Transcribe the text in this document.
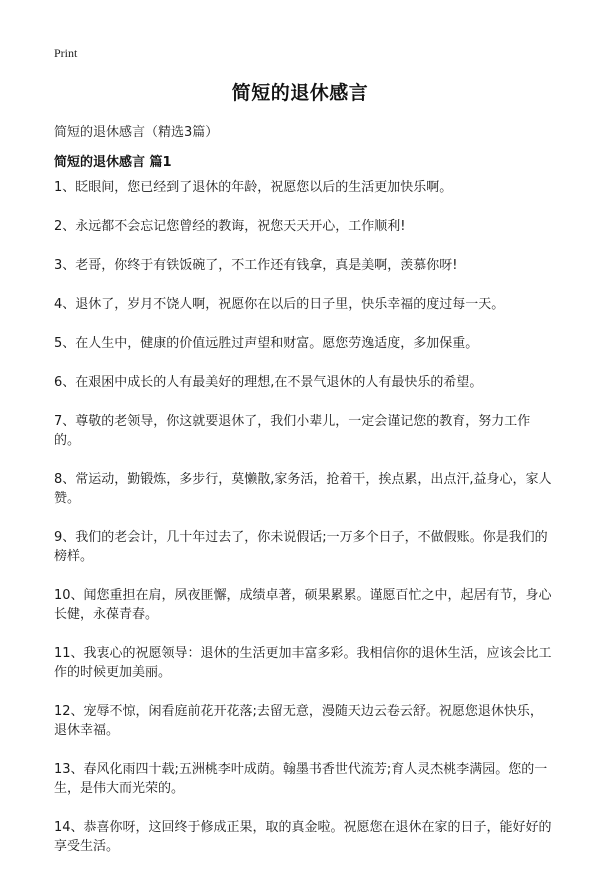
Print
简短的退休感言
简短的退休感言（精选3篇）
简短的退休感言 篇1
1、眨眼间，您已经到了退休的年龄，祝愿您以后的生活更加快乐啊。
2、永远都不会忘记您曾经的教诲，祝您天天开心，工作顺利!
3、老哥，你终于有铁饭碗了，不工作还有钱拿，真是美啊，羡慕你呀!
4、退休了，岁月不饶人啊，祝愿你在以后的日子里，快乐幸福的度过每一天。
5、在人生中，健康的价值远胜过声望和财富。愿您劳逸适度，多加保重。
6、在艰困中成长的人有最美好的理想,在不景气退休的人有最快乐的希望。
7、尊敬的老领导，你这就要退休了，我们小辈儿，一定会谨记您的教育，努力工作的。
8、常运动，勤锻炼，多步行，莫懒散,家务活，抢着干，挨点累，出点汗,益身心，家人赞。
9、我们的老会计，几十年过去了，你未说假话;一万多个日子，不做假账。你是我们的榜样。
10、闻您重担在肩，夙夜匪懈，成绩卓著，硕果累累。谨愿百忙之中，起居有节，身心长健，永葆青春。
11、我衷心的祝愿领导：退休的生活更加丰富多彩。我相信你的退休生活，应该会比工作的时候更加美丽。
12、宠辱不惊，闲看庭前花开花落;去留无意，漫随天边云卷云舒。祝愿您退休快乐，退休幸福。
13、春风化雨四十载;五洲桃李叶成荫。翰墨书香世代流芳;育人灵杰桃李满园。您的一生，是伟大而光荣的。
14、恭喜你呀，这回终于修成正果，取的真金啦。祝愿您在退休在家的日子，能好好的享受生活。
